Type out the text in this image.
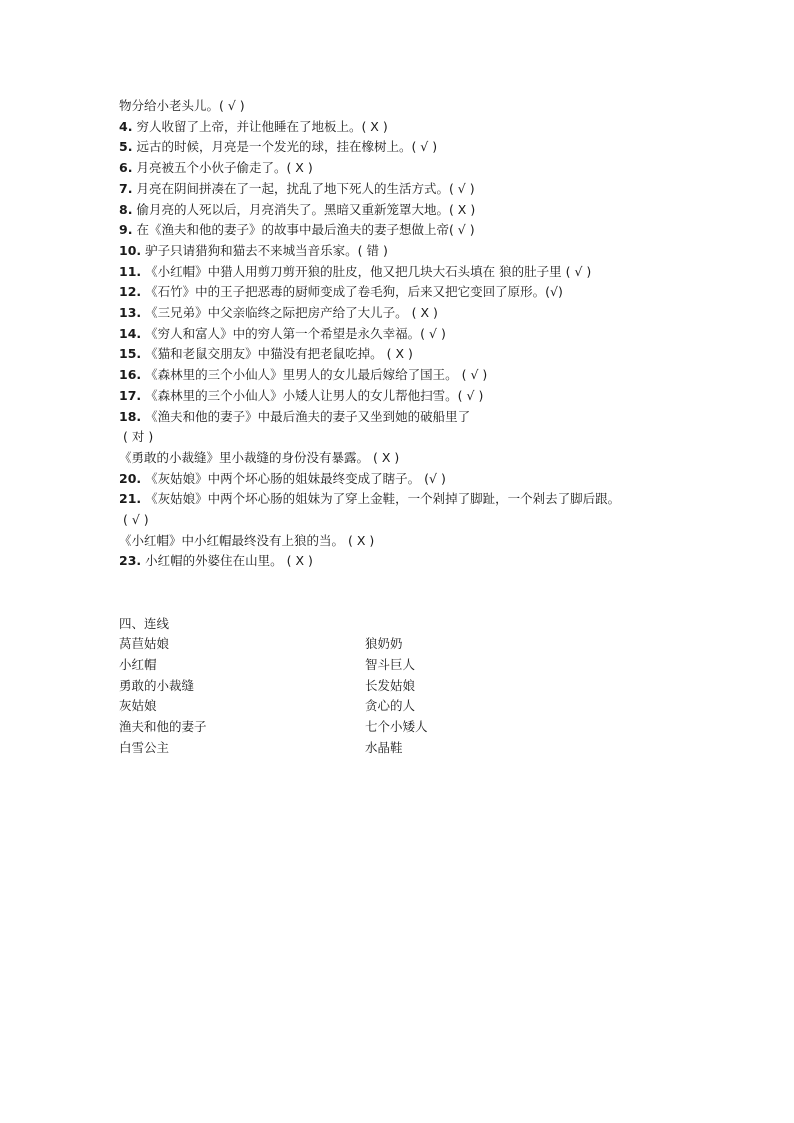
物分给小老头儿。( √ )
4. 穷人收留了上帝，并让他睡在了地板上。( X )
5. 远古的时候，月亮是一个发光的球，挂在橡树上。( √ )
6. 月亮被五个小伙子偷走了。( X )
7. 月亮在阴间拼凑在了一起，扰乱了地下死人的生活方式。( √ )
8. 偷月亮的人死以后，月亮消失了。黑暗又重新笼罩大地。( X )
9. 在《渔夫和他的妻子》的故事中最后渔夫的妻子想做上帝( √ )
10. 驴子只请猎狗和猫去不来城当音乐家。( 错 )
11. 《小红帽》中猎人用剪刀剪开狼的肚皮，他又把几块大石头填在 狼的肚子里 ( √ )
12. 《石竹》中的王子把恶毒的厨师变成了卷毛狗，后来又把它变回了原形。(√)
13. 《三兄弟》中父亲临终之际把房产给了大儿子。 ( X )
14. 《穷人和富人》中的穷人第一个希望是永久幸福。( √ )
15. 《猫和老鼠交朋友》中猫没有把老鼠吃掉。 ( X )
16. 《森林里的三个小仙人》里男人的女儿最后嫁给了国王。 ( √ )
17. 《森林里的三个小仙人》小矮人让男人的女儿帮他扫雪。( √ )
18. 《渔夫和他的妻子》中最后渔夫的妻子又坐到她的破船里了
( 对 )
《勇敢的小裁缝》里小裁缝的身份没有暴露。 ( X )
20. 《灰姑娘》中两个坏心肠的姐妹最终变成了瞎子。 (√ )
21. 《灰姑娘》中两个坏心肠的姐妹为了穿上金鞋，一个剁掉了脚趾，一个剁去了脚后跟。
( √ )
《小红帽》中小红帽最终没有上狼的当。 ( X )
23. 小红帽的外婆住在山里。 ( X )
四、连线
莴苣姑娘	狼奶奶
小红帽	智斗巨人
勇敢的小裁缝	长发姑娘
灰姑娘	贪心的人
渔夫和他的妻子	七个小矮人
白雪公主	水晶鞋
